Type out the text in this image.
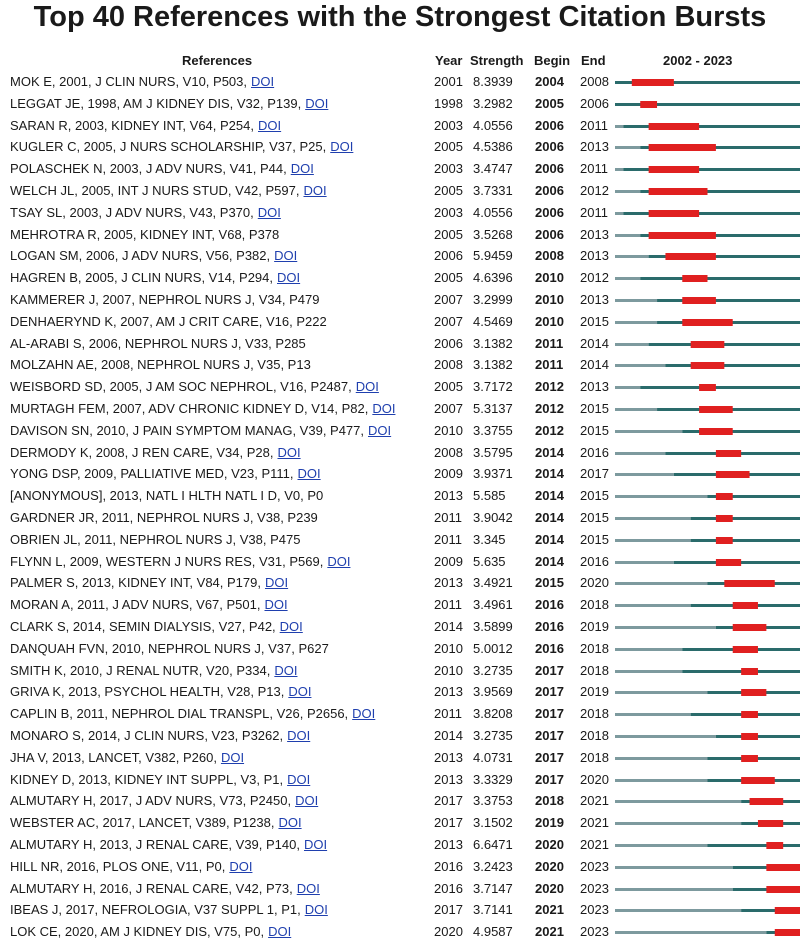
Top 40 References with the Strongest Citation Bursts
References	Year Strength Begin End	2002 - 2023
MOK E, 2001, J CLIN NURS, V10, P503, DOI	2001 8.3939 2004 2008
LEGGAT JE, 1998, AM J KIDNEY DIS, V32, P139, DOI	1998 3.2982 2005 2006
SARAN R, 2003, KIDNEY INT, V64, P254, DOI	2003 4.0556 2006 2011
KUGLER C, 2005, J NURS SCHOLARSHIP, V37, P25, DOI	2005 4.5386 2006 2013
POLASCHEK N, 2003, J ADV NURS, V41, P44, DOI	2003 3.4747 2006 2011
WELCH JL, 2005, INT J NURS STUD, V42, P597, DOI	2005 3.7331 2006 2012
TSAY SL, 2003, J ADV NURS, V43, P370, DOI	2003 4.0556 2006 2011
MEHROTRA R, 2005, KIDNEY INT, V68, P378	2005 3.5268 2006 2013
LOGAN SM, 2006, J ADV NURS, V56, P382, DOI	2006 5.9459 2008 2013
HAGREN B, 2005, J CLIN NURS, V14, P294, DOI	2005 4.6396 2010 2012
KAMMERER J, 2007, NEPHROL NURS J, V34, P479	2007 3.2999 2010 2013
DENHAERYND K, 2007, AM J CRIT CARE, V16, P222	2007 4.5469 2010 2015
AL-ARABI S, 2006, NEPHROL NURS J, V33, P285	2006 3.1382 2011 2014
MOLZAHN AE, 2008, NEPHROL NURS J, V35, P13	2008 3.1382 2011 2014
WEISBORD SD, 2005, J AM SOC NEPHROL, V16, P2487, DOI	2005 3.7172 2012 2013
MURTAGH FEM, 2007, ADV CHRONIC KIDNEY D, V14, P82, DOI	2007 5.3137 2012 2015
DAVISON SN, 2010, J PAIN SYMPTOM MANAG, V39, P477, DOI	2010 3.3755 2012 2015
DERMODY K, 2008, J REN CARE, V34, P28, DOI	2008 3.5795 2014 2016
YONG DSP, 2009, PALLIATIVE MED, V23, P111, DOI	2009 3.9371 2014 2017
[ANONYMOUS], 2013, NATL I HLTH NATL I D, V0, P0	2013 5.585 2014 2015
GARDNER JR, 2011, NEPHROL NURS J, V38, P239	2011 3.9042 2014 2015
OBRIEN JL, 2011, NEPHROL NURS J, V38, P475	2011 3.345 2014 2015
FLYNN L, 2009, WESTERN J NURS RES, V31, P569, DOI	2009 5.635 2014 2016
PALMER S, 2013, KIDNEY INT, V84, P179, DOI	2013 3.4921 2015 2020
MORAN A, 2011, J ADV NURS, V67, P501, DOI	2011 3.4961 2016 2018
CLARK S, 2014, SEMIN DIALYSIS, V27, P42, DOI	2014 3.5899 2016 2019
DANQUAH FVN, 2010, NEPHROL NURS J, V37, P627	2010 5.0012 2016 2018
SMITH K, 2010, J RENAL NUTR, V20, P334, DOI	2010 3.2735 2017 2018
GRIVA K, 2013, PSYCHOL HEALTH, V28, P13, DOI	2013 3.9569 2017 2019
CAPLIN B, 2011, NEPHROL DIAL TRANSPL, V26, P2656, DOI	2011 3.8208 2017 2018
MONARO S, 2014, J CLIN NURS, V23, P3262, DOI	2014 3.2735 2017 2018
JHA V, 2013, LANCET, V382, P260, DOI	2013 4.0731 2017 2018
KIDNEY D, 2013, KIDNEY INT SUPPL, V3, P1, DOI	2013 3.3329 2017 2020
ALMUTARY H, 2017, J ADV NURS, V73, P2450, DOI	2017 3.3753 2018 2021
WEBSTER AC, 2017, LANCET, V389, P1238, DOI	2017 3.1502 2019 2021
ALMUTARY H, 2013, J RENAL CARE, V39, P140, DOI	2013 6.6471 2020 2021
HILL NR, 2016, PLOS ONE, V11, P0, DOI	2016 3.2423 2020 2023
ALMUTARY H, 2016, J RENAL CARE, V42, P73, DOI	2016 3.7147 2020 2023
IBEAS J, 2017, NEFROLOGIA, V37 SUPPL 1, P1, DOI	2017 3.7141 2021 2023
LOK CE, 2020, AM J KIDNEY DIS, V75, P0, DOI	2020 4.9587 2021 2023
